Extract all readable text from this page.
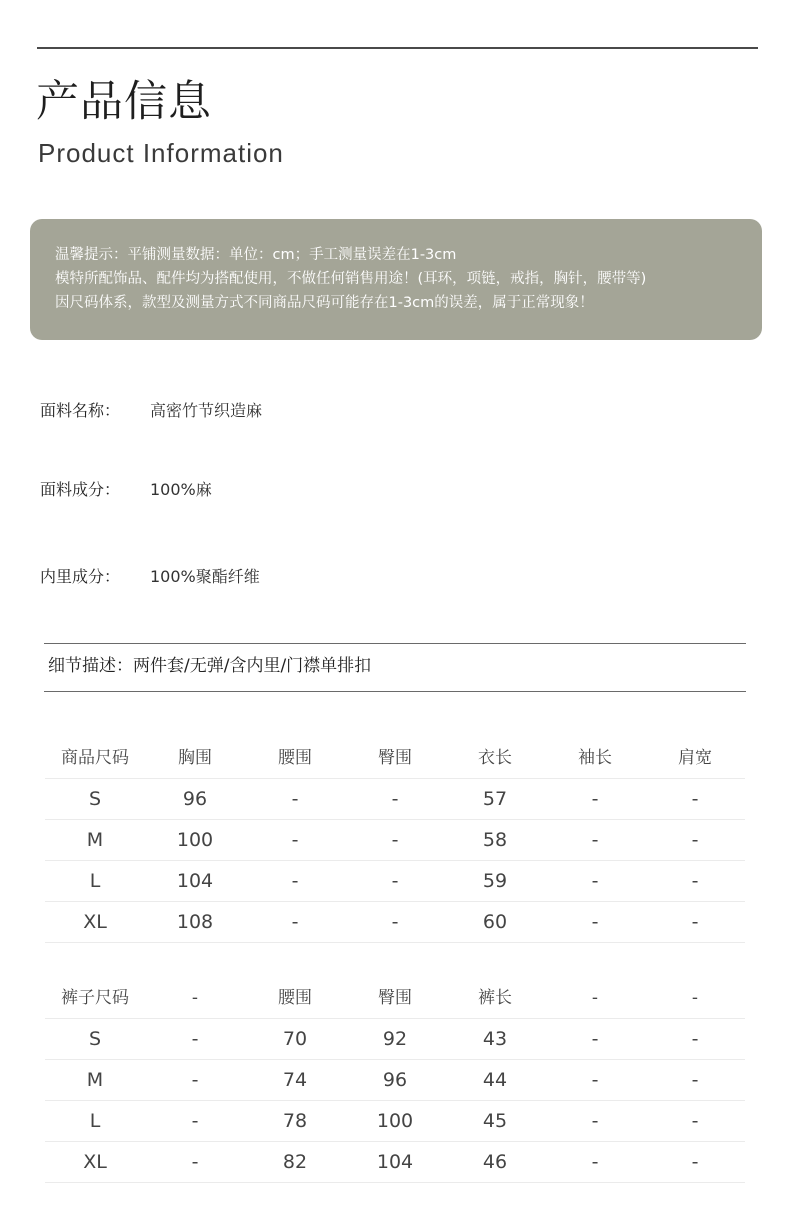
产品信息
Product Information
温馨提示：平铺测量数据：单位：cm；手工测量误差在1-3cm
模特所配饰品、配件均为搭配使用，不做任何销售用途！(耳环，项链，戒指，胸针，腰带等)
因尺码体系，款型及测量方式不同商品尺码可能存在1-3cm的误差，属于正常现象！
面料名称： 高密竹节织造麻
面料成分： 100%麻
内里成分： 100%聚酯纤维
细节描述：两件套/无弹/含内里/门襟单排扣
商品尺码	胸围	腰围	臀围	衣长	袖长	肩宽
S	96	-	-	57	-	-
M	100	-	-	58	-	-
L	104	-	-	59	-	-
XL	108	-	-	60	-	-
裤子尺码	-	腰围	臀围	裤长	-	-
S	-	70	92	43	-	-
M	-	74	96	44	-	-
L	-	78	100	45	-	-
XL	-	82	104	46	-	-
